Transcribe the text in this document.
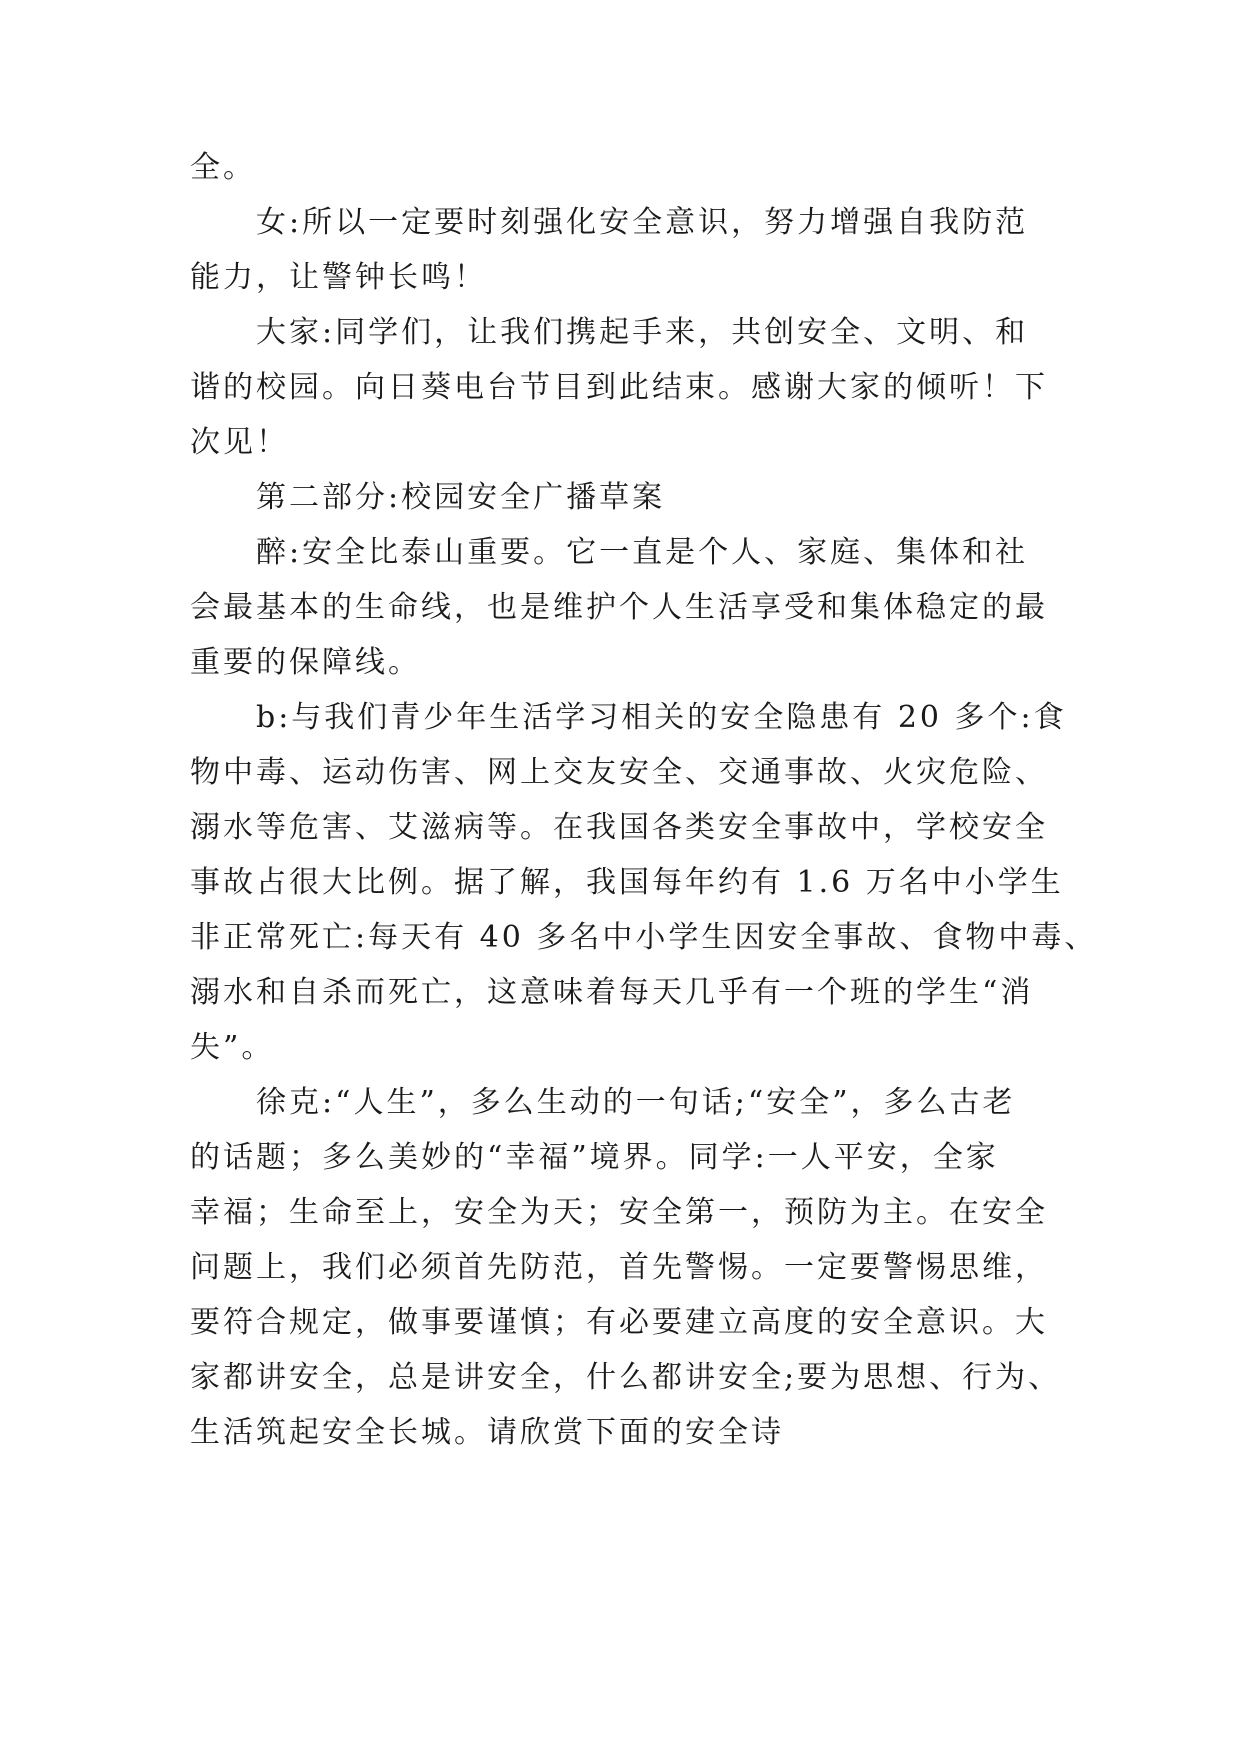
全。
女:所以一定要时刻强化安全意识，努力增强自我防范
能力，让警钟长鸣！
大家:同学们，让我们携起手来，共创安全、文明、和
谐的校园。向日葵电台节目到此结束。感谢大家的倾听！下
次见！
第二部分:校园安全广播草案
醉:安全比泰山重要。它一直是个人、家庭、集体和社
会最基本的生命线，也是维护个人生活享受和集体稳定的最
重要的保障线。
b:与我们青少年生活学习相关的安全隐患有 20 多个:食
物中毒、运动伤害、网上交友安全、交通事故、火灾危险、
溺水等危害、艾滋病等。在我国各类安全事故中，学校安全
事故占很大比例。据了解，我国每年约有 1.6 万名中小学生
非正常死亡:每天有 40 多名中小学生因安全事故、食物中毒、
溺水和自杀而死亡，这意味着每天几乎有一个班的学生“消
失”。
徐克:“人生”，多么生动的一句话;“安全”，多么古老
的话题；多么美妙的“幸福”境界。同学:一人平安，全家
幸福；生命至上，安全为天；安全第一，预防为主。在安全
问题上，我们必须首先防范，首先警惕。一定要警惕思维，
要符合规定，做事要谨慎；有必要建立高度的安全意识。大
家都讲安全，总是讲安全，什么都讲安全;要为思想、行为、
生活筑起安全长城。请欣赏下面的安全诗
